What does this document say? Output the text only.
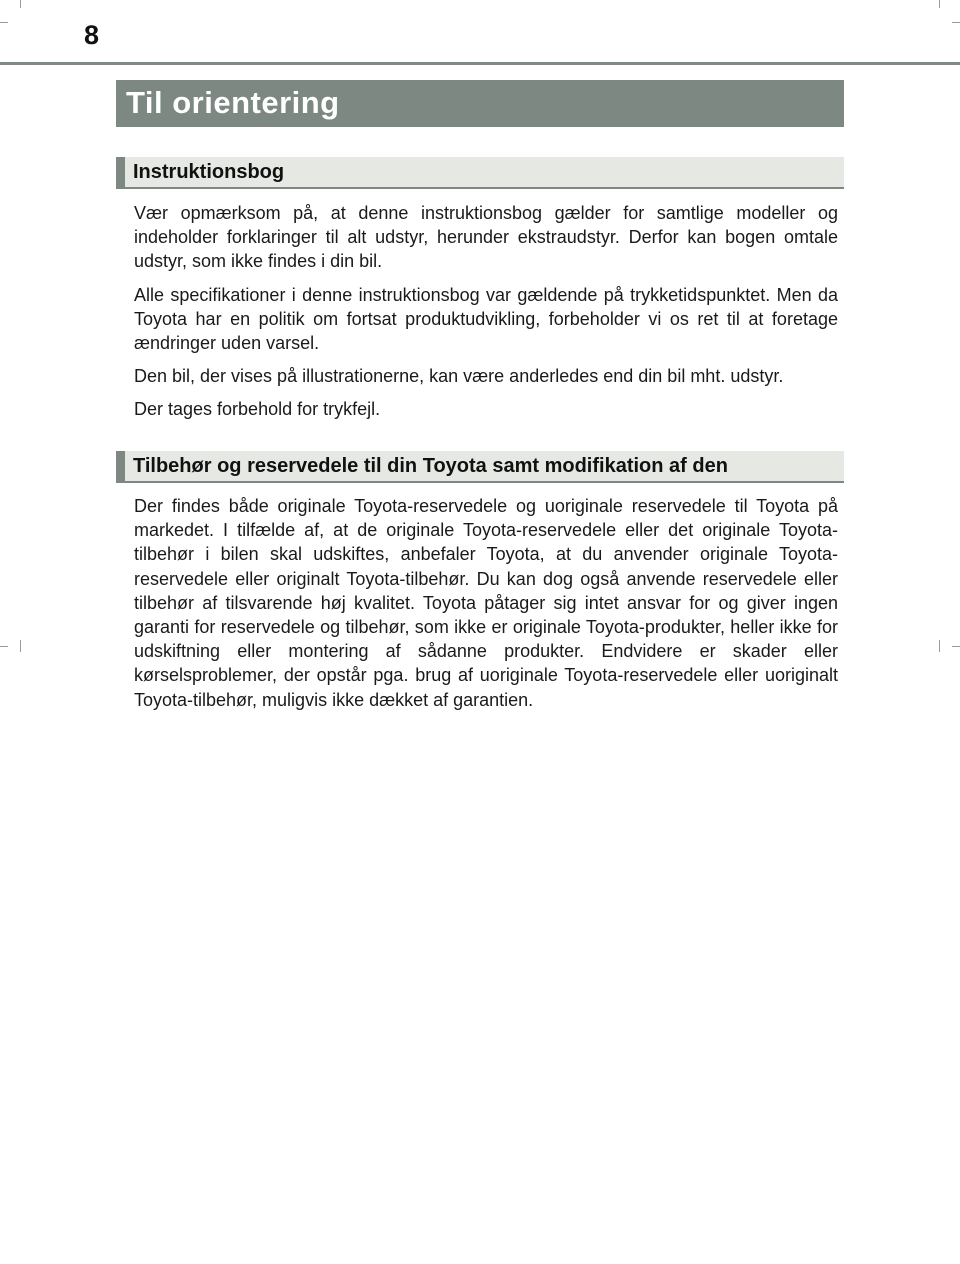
8
Til orientering
Instruktionsbog

Vær opmærksom på, at denne instruktionsbog gælder for samtlige modeller og indeholder forklaringer til alt udstyr, herunder ekstraudstyr. Derfor kan bogen omtale udstyr, som ikke findes i din bil.

Alle specifikationer i denne instruktionsbog var gældende på trykketidspunktet. Men da Toyota har en politik om fortsat produktudvikling, forbeholder vi os ret til at foretage ændringer uden varsel.

Den bil, der vises på illustrationerne, kan være anderledes end din bil mht. udstyr.

Der tages forbehold for trykfejl.

Tilbehør og reservedele til din Toyota samt modifikation af den

Der findes både originale Toyota-reservedele og uoriginale reservedele til Toyota på markedet. I tilfælde af, at de originale Toyota-reservedele eller det originale Toyota-tilbehør i bilen skal udskiftes, anbefaler Toyota, at du anvender originale Toyota-reservedele eller originalt Toyota-tilbehør. Du kan dog også anvende reservedele eller tilbehør af tilsvarende høj kvalitet. Toyota påtager sig intet ansvar for og giver ingen garanti for reservedele og tilbehør, som ikke er originale Toyota-produkter, heller ikke for udskiftning eller montering af sådanne produkter. Endvidere er skader eller kørselsproblemer, der opstår pga. brug af uoriginale Toyota-reservedele eller uoriginalt Toyota-tilbehør, muligvis ikke dækket af garantien.
